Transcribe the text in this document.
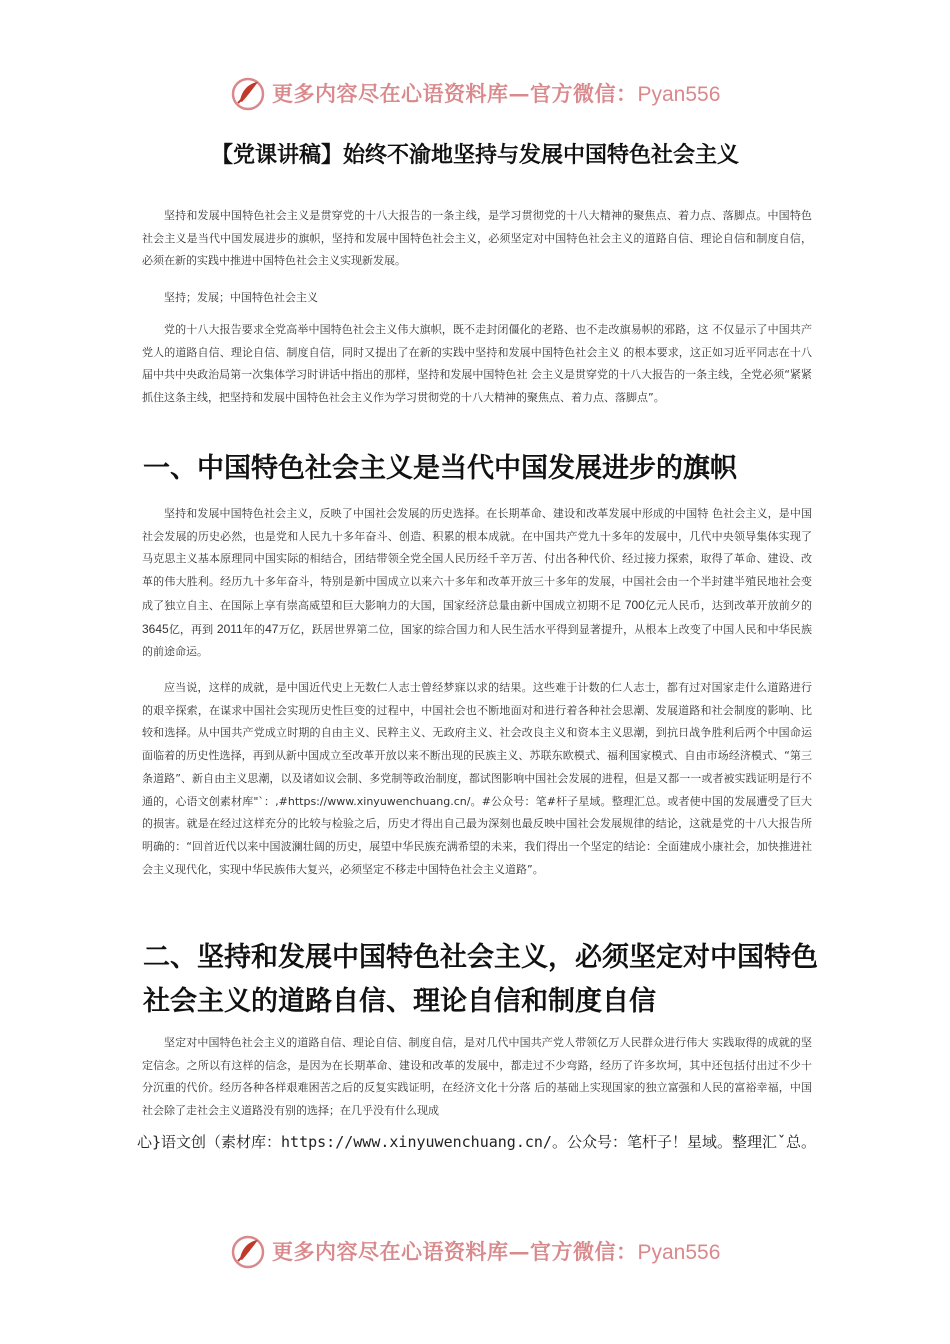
更多内容尽在心语资料库—官方微信：Pyan556
【党课讲稿】始终不渝地坚持与发展中国特色社会主义

坚持和发展中国特色社会主义是贯穿党的十八大报告的一条主线，是学习贯彻党的十八大精神的聚焦点、着力点、落脚点。中国特色社会主义是当代中国发展进步的旗帜，坚持和发展中国特色社会主义，必须坚定对中国特色社会主义的道路自信、理论自信和制度自信，必须在新的实践中推进中国特色社会主义实现新发展。

坚持；发展；中国特色社会主义

党的十八大报告要求全党高举中国特色社会主义伟大旗帜，既不走封闭僵化的老路、也不走改旗易帜的邪路，这 不仅显示了中国共产党人的道路自信、理论自信、制度自信，同时又提出了在新的实践中坚持和发展中国特色社会主义 的根本要求，这正如习近平同志在十八届中共中央政治局第一次集体学习时讲话中指出的那样，坚持和发展中国特色社 会主义是贯穿党的十八大报告的一条主线，全党必须“紧紧抓住这条主线，把坚持和发展中国特色社会主义作为学习贯彻党的十八大精神的聚焦点、着力点、落脚点”。

一、中国特色社会主义是当代中国发展进步的旗帜

坚持和发展中国特色社会主义，反映了中国社会发展的历史选择。在长期革命、建设和改革发展中形成的中国特 色社会主义，是中国社会发展的历史必然，也是党和人民九十多年奋斗、创造、积累的根本成就。在中国共产党九十多年的发展中，几代中央领导集体实现了马克思主义基本原理同中国实际的相结合，团结带领全党全国人民历经千辛万苦、付出各种代价、经过接力探索，取得了革命、建设、改革的伟大胜利。经历九十多年奋斗，特别是新中国成立以来六十多年和改革开放三十多年的发展，中国社会由一个半封建半殖民地社会变成了独立自主、在国际上享有崇高威望和巨大影响力的大国，国家经济总量由新中国成立初期不足 700亿元人民币，达到改革开放前夕的 3645亿，再到 2011年的47万亿，跃居世界第二位，国家的综合国力和人民生活水平得到显著提升，从根本上改变了中国人民和中华民族的前途命运。

应当说，这样的成就，是中国近代史上无数仁人志士曾经梦寐以求的结果。这些难于计数的仁人志士，都有过对国家走什么道路进行的艰辛探索，在谋求中国社会实现历史性巨变的过程中，中国社会也不断地面对和进行着各种社会思潮、发展道路和社会制度的影响、比较和选择。从中国共产党成立时期的自由主义、民粹主义、无政府主义、社会改良主义和资本主义思潮，到抗日战争胜利后两个中国命运面临着的历史性选择，再到从新中国成立至改革开放以来不断出现的民族主义、苏联东欧模式、福利国家模式、自由市场经济模式、“第三条道路”、新自由主义思潮，以及诸如议会制、多党制等政治制度，都试图影响中国社会发展的进程，但是又都一一或者被实践证明是行不通的，心语文创素材库"`：,#https://www.xinyuwenchuang.cn/。#公众号：笔#杆子星域。整理汇总。或者使中国的发展遭受了巨大的损害。就是在经过这样充分的比较与检验之后，历史才得出自己最为深刻也最反映中国社会发展规律的结论，这就是党的十八大报告所明确的：“回首近代以来中国波澜壮阔的历史，展望中华民族充满希望的未来，我们得出一个坚定的结论：全面建成小康社会，加快推进社会主义现代化，实现中华民族伟大复兴，必须坚定不移走中国特色社会主义道路”。

二、坚持和发展中国特色社会主义，必须坚定对中国特色社会主义的道路自信、理论自信和制度自信

坚定对中国特色社会主义的道路自信、理论自信、制度自信，是对几代中国共产党人带领亿万人民群众进行伟大 实践取得的成就的坚定信念。之所以有这样的信念，是因为在长期革命、建设和改革的发展中，都走过不少弯路，经历了许多坎坷，其中还包括付出过不少十分沉重的代价。经历各种各样艰难困苦之后的反复实践证明，在经济文化十分落 后的基础上实现国家的独立富强和人民的富裕幸福，中国社会除了走社会主义道路没有别的选择；在几乎没有什么现成

心}语文创（素材库：https://www.xinyuwenchuang.cn/。公众号：笔杆子！星域。整理汇ˇ总。

更多内容尽在心语资料库—官方微信：Pyan556
